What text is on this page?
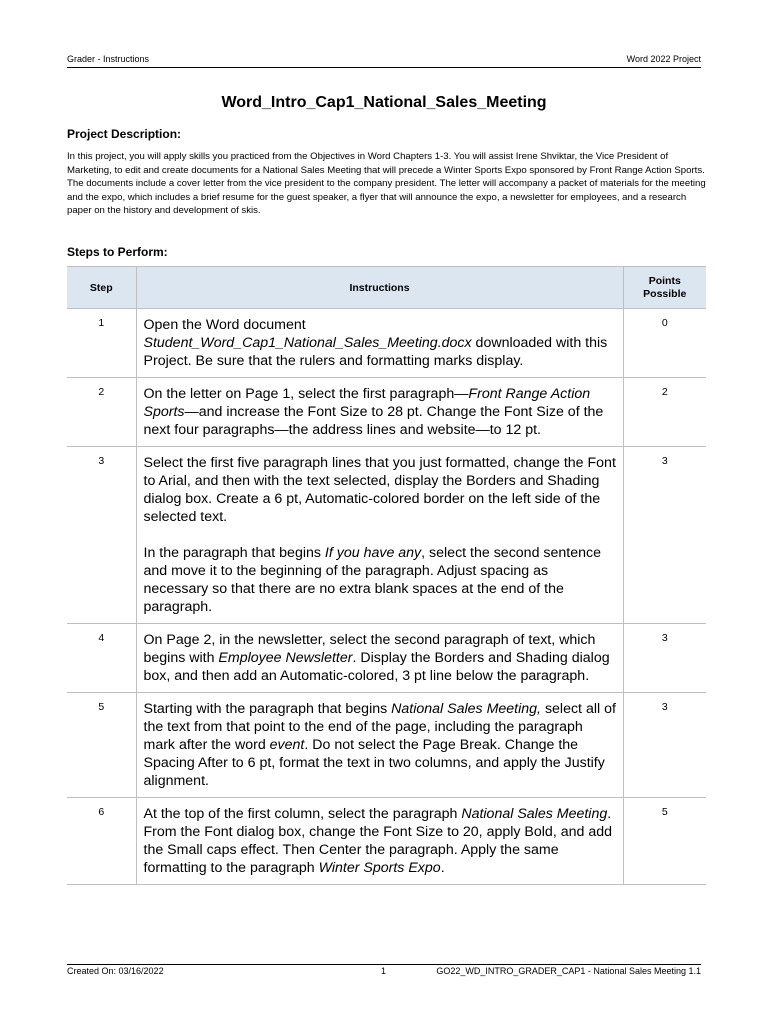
Grader - Instructions	Word 2022 Project
Word_Intro_Cap1_National_Sales_Meeting
Project Description:
In this project, you will apply skills you practiced from the Objectives in Word Chapters 1-3. You will assist Irene Shviktar, the Vice President of Marketing, to edit and create documents for a National Sales Meeting that will precede a Winter Sports Expo sponsored by Front Range Action Sports. The documents include a cover letter from the vice president to the company president. The letter will accompany a packet of materials for the meeting and the expo, which includes a brief resume for the guest speaker, a flyer that will announce the expo, a newsletter for employees, and a research paper on the history and development of skis.
Steps to Perform:
Step	Instructions	Points Possible

1	Open the Word document Student_Word_Cap1_National_Sales_Meeting.docx downloaded with this Project. Be sure that the rulers and formatting marks display.	0
2	On the letter on Page 1, select the first paragraph—Front Range Action Sports—and increase the Font Size to 28 pt. Change the Font Size of the next four paragraphs—the address lines and website—to 12 pt.	2
3	Select the first five paragraph lines that you just formatted, change the Font to Arial, and then with the text selected, display the Borders and Shading dialog box. Create a 6 pt, Automatic-colored border on the left side of the selected text.

In the paragraph that begins If you have any, select the second sentence and move it to the beginning of the paragraph. Adjust spacing as necessary so that there are no extra blank spaces at the end of the paragraph.	3
4	On Page 2, in the newsletter, select the second paragraph of text, which begins with Employee Newsletter. Display the Borders and Shading dialog box, and then add an Automatic-colored, 3 pt line below the paragraph.	3
5	Starting with the paragraph that begins National Sales Meeting, select all of the text from that point to the end of the page, including the paragraph mark after the word event. Do not select the Page Break. Change the Spacing After to 6 pt, format the text in two columns, and apply the Justify alignment.	3
6	At the top of the first column, select the paragraph National Sales Meeting. From the Font dialog box, change the Font Size to 20, apply Bold, and add the Small caps effect. Then Center the paragraph. Apply the same formatting to the paragraph Winter Sports Expo.	5
Created On: 03/16/2022	1	GO22_WD_INTRO_GRADER_CAP1 - National Sales Meeting 1.1
